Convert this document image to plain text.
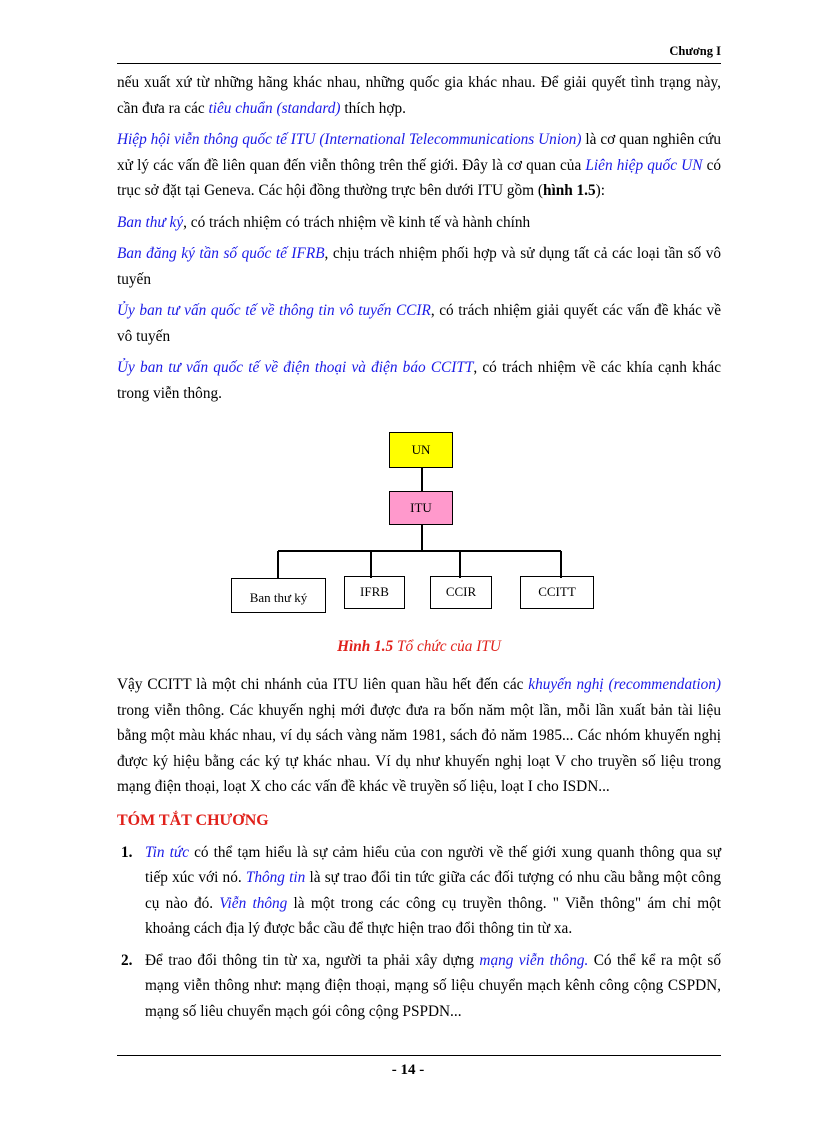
Chương I

nếu xuất xứ từ những hãng khác nhau, những quốc gia khác nhau. Để giải quyết tình trạng này, cần đưa ra các tiêu chuẩn (standard) thích hợp.

Hiệp hội viễn thông quốc tế ITU (International Telecommunications Union) là cơ quan nghiên cứu xử lý các vấn đề liên quan đến viễn thông trên thế giới. Đây là cơ quan của Liên hiệp quốc UN có trục sở đặt tại Geneva. Các hội đồng thường trực bên dưới ITU gồm (hình 1.5):

Ban thư ký, có trách nhiệm có trách nhiệm về kinh tế và hành chính

Ban đăng ký tần số quốc tế IFRB, chịu trách nhiệm phối hợp và sử dụng tất cả các loại tần số vô tuyến

Ủy ban tư vấn quốc tế về thông tin vô tuyến CCIR, có trách nhiệm giải quyết các vấn đề khác về vô tuyến

Ủy ban tư vấn quốc tế về điện thoại và điện báo CCITT, có trách nhiệm về các khía cạnh khác trong viễn thông.

UN
ITU
Ban thư ký	IFRB	CCIR	CCITT
Hình 1.5 Tổ chức của ITU

Vậy CCITT là một chi nhánh của ITU liên quan hầu hết đến các khuyến nghị (recommendation) trong viễn thông. Các khuyến nghị mới được đưa ra bốn năm một lần, mỗi lần xuất bản tài liệu bằng một màu khác nhau, ví dụ sách vàng năm 1981, sách đỏ năm 1985... Các nhóm khuyến nghị được ký hiệu bằng các ký tự khác nhau. Ví dụ như khuyến nghị loạt V cho truyền số liệu trong mạng điện thoại, loạt X cho các vấn đề khác về truyền số liệu, loạt I cho ISDN...

TÓM TẮT CHƯƠNG
1. Tin tức có thể tạm hiểu là sự cảm hiểu của con người về thế giới xung quanh thông qua sự tiếp xúc với nó. Thông tin là sự trao đổi tin tức giữa các đối tượng có nhu cầu bằng một công cụ nào đó. Viễn thông là một trong các công cụ truyền thông. " Viễn thông" ám chỉ một khoảng cách địa lý được bắc cầu để thực hiện trao đổi thông tin từ xa.

2. Để trao đổi thông tin từ xa, người ta phải xây dựng mạng viễn thông. Có thể kể ra một số mạng viễn thông như: mạng điện thoại, mạng số liệu chuyển mạch kênh công cộng CSPDN, mạng số liêu chuyển mạch gói công cộng PSPDN...

- 14 -
